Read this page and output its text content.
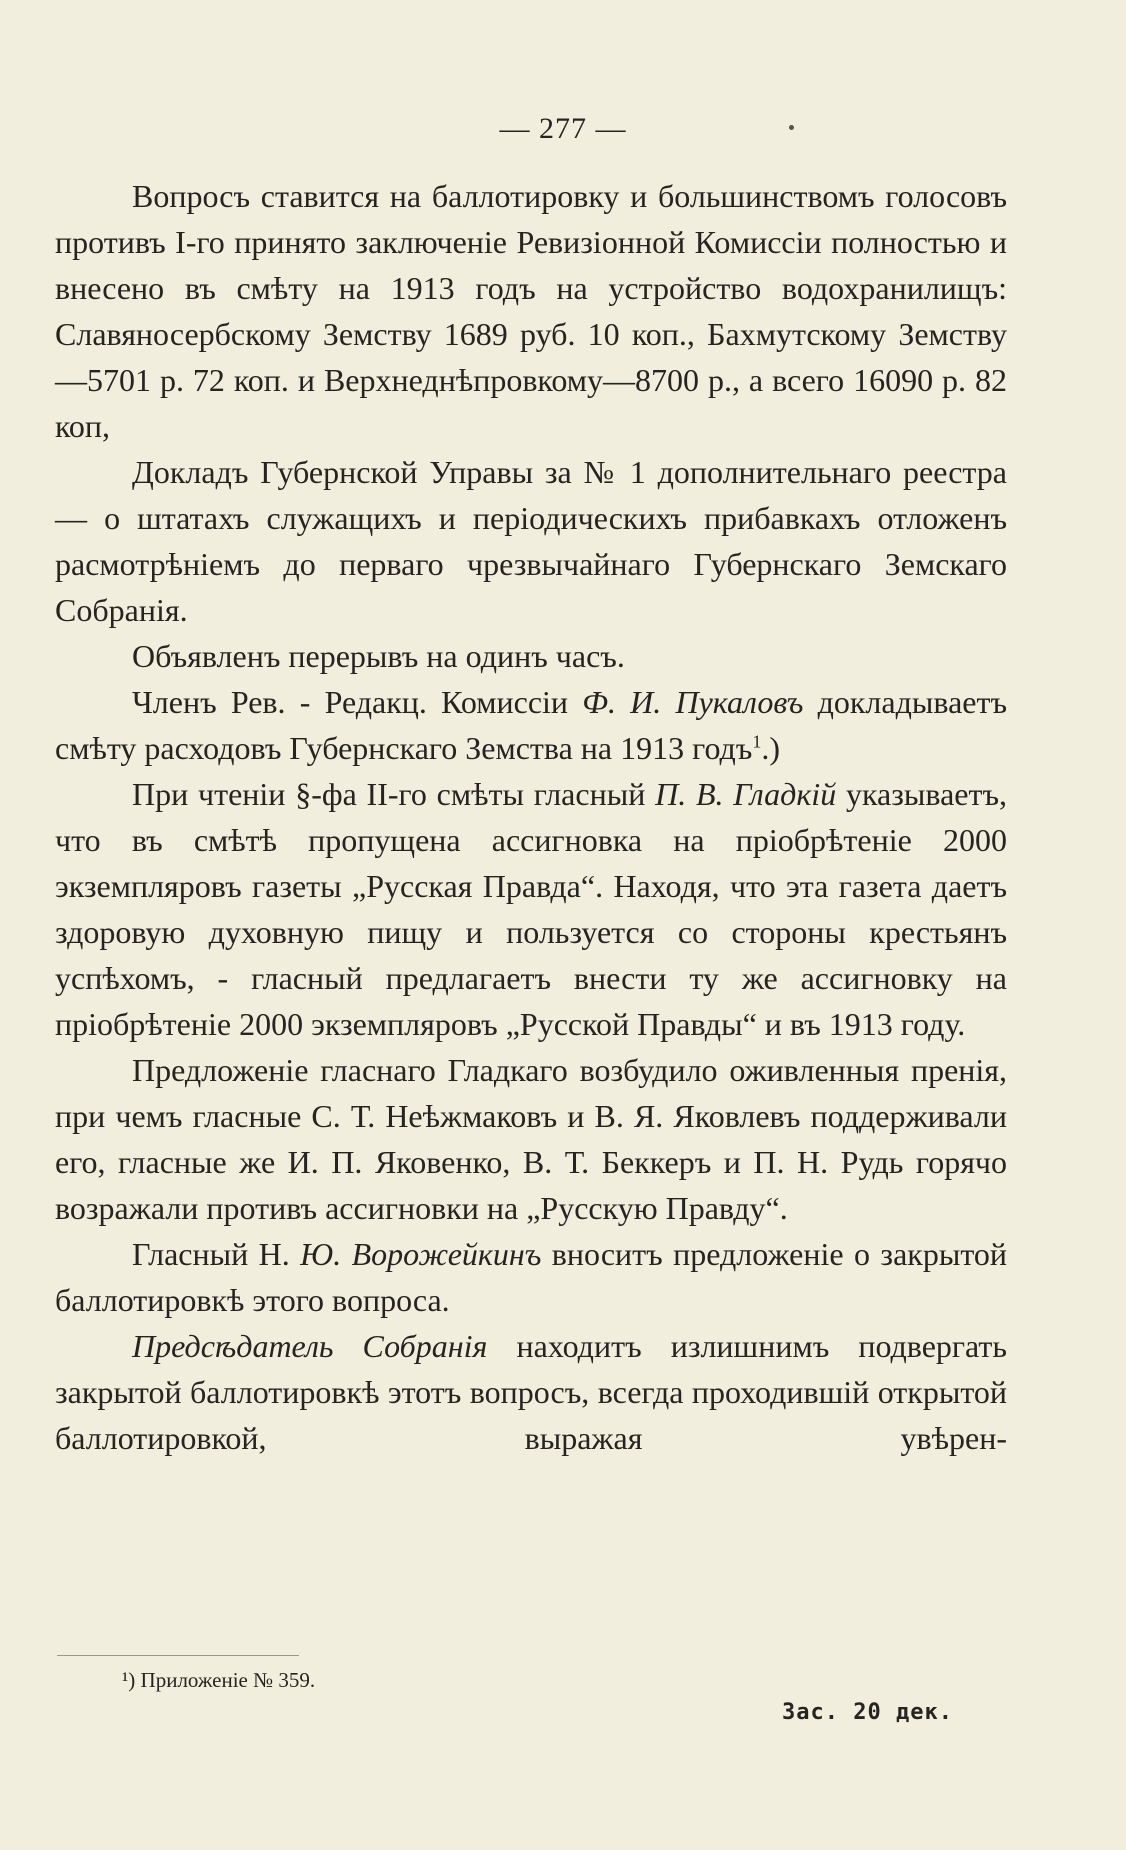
— 277 —

Вопросъ ставится на баллотировку и большинствомъ голосовъ противъ I-го принято заключеніе Ревизіонной Комиссіи полностью и внесено въ смѣту на 1913 годъ на устройство водохранилищъ: Славяносербскому Земству 1689 руб. 10 коп., Бахмутскому Земству—5701 р. 72 коп. и Верхнеднѣпровкому—8700 р., а всего 16090 р. 82 коп,

Докладъ Губернской Управы за № 1 дополнительнаго реестра — о штатахъ служащихъ и періодическихъ прибавкахъ отложенъ расмотрѣніемъ до перваго чрезвычайнаго Губернскаго Земскаго Собранія.

Объявленъ перерывъ на одинъ часъ.

Членъ Рев. - Редакц. Комиссіи Ф. И. Пукаловъ докладываетъ смѣту расходовъ Губернскаго Земства на 1913 годъ$^1$.)

При чтеніи §-фа II-го смѣты гласный П. В. Гладкій указываетъ, что въ смѣтѣ пропущена ассигновка на пріобрѣтеніе 2000 экземпляровъ газеты „Русская Правда“. Находя, что эта газета даетъ здоровую духовную пищу и пользуется со стороны крестьянъ успѣхомъ, - гласный предлагаетъ внести ту же ассигновку на пріобрѣтеніе 2000 экземпляровъ „Русской Правды“ и въ 1913 году.

Предложеніе гласнаго Гладкаго возбудило оживленныя пренія, при чемъ гласные С. Т. Неѣжмаковъ и В. Я. Яковлевъ поддерживали его, гласные же И. П. Яковенко, В. Т. Беккеръ и П. Н. Рудь горячо возражали противъ ассигновки на „Русскую Правду“.

Гласный Н. Ю. Ворожейкинъ вноситъ предложеніе о закрытой баллотировкѣ этого вопроса.

Предсѣдатель Собранія находитъ излишнимъ подвергать закрытой баллотировкѣ этотъ вопросъ, всегда проходившій открытой баллотировкой, выражая увѣрен-

¹) Приложеніе № 359.
Зас. 20 дек.
